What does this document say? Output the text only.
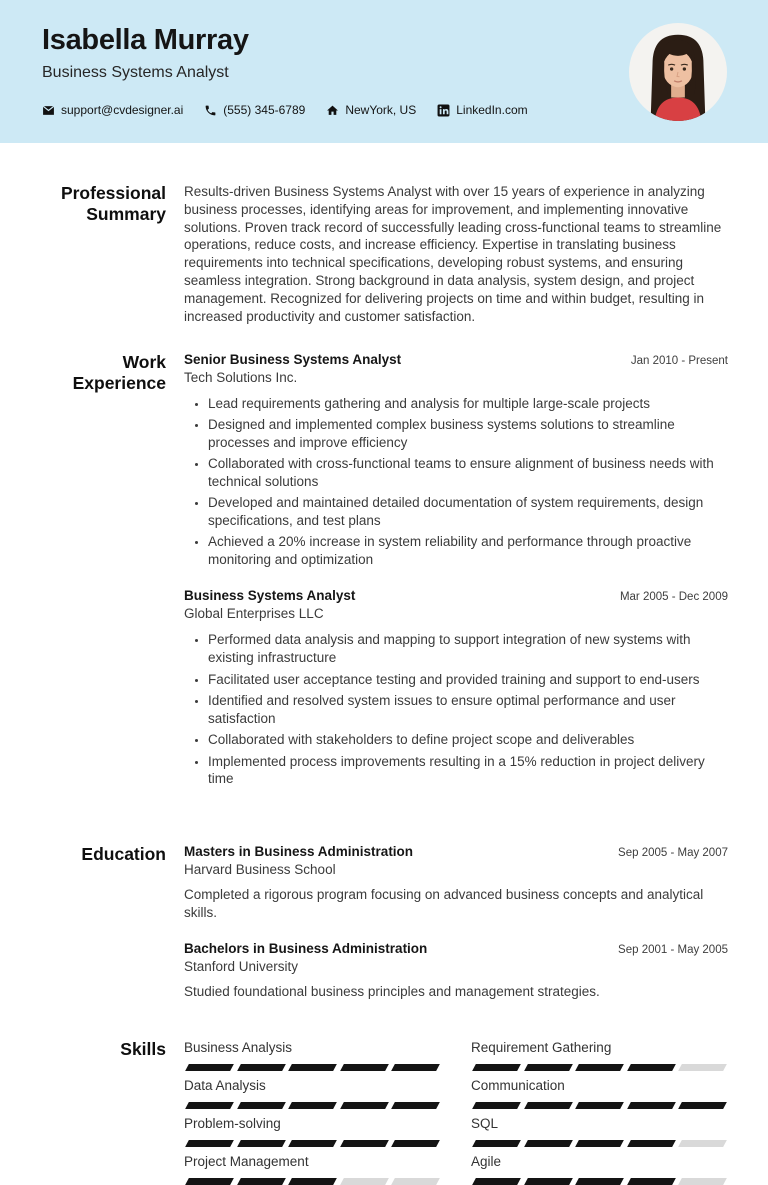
Isabella Murray
Business Systems Analyst
support@cvdesigner.ai	(555) 345-6789	NewYork, US	LinkedIn.com
Professional Summary
Results-driven Business Systems Analyst with over 15 years of experience in analyzing business processes, identifying areas for improvement, and implementing innovative solutions. Proven track record of successfully leading cross-functional teams to streamline operations, reduce costs, and increase efficiency. Expertise in translating business requirements into technical specifications, developing robust systems, and ensuring seamless integration. Strong background in data analysis, system design, and project management. Recognized for delivering projects on time and within budget, resulting in increased productivity and customer satisfaction.
Work Experience
Senior Business Systems Analyst	Jan 2010 - Present
Tech Solutions Inc.
• Lead requirements gathering and analysis for multiple large-scale projects
• Designed and implemented complex business systems solutions to streamline processes and improve efficiency
• Collaborated with cross-functional teams to ensure alignment of business needs with technical solutions
• Developed and maintained detailed documentation of system requirements, design specifications, and test plans
• Achieved a 20% increase in system reliability and performance through proactive monitoring and optimization
Business Systems Analyst	Mar 2005 - Dec 2009
Global Enterprises LLC
• Performed data analysis and mapping to support integration of new systems with existing infrastructure
• Facilitated user acceptance testing and provided training and support to end-users
• Identified and resolved system issues to ensure optimal performance and user satisfaction
• Collaborated with stakeholders to define project scope and deliverables
• Implemented process improvements resulting in a 15% reduction in project delivery time
Education Masters in Business Administration	Sep 2005 - May 2007
Harvard Business School
Completed a rigorous program focusing on advanced business concepts and analytical skills.
Bachelors in Business Administration	Sep 2001 - May 2005
Stanford University
Studied foundational business principles and management strategies.
Skills Business Analysis	Requirement Gathering
Data Analysis	Communication
Problem-solving	SQL
Project Management	Agile
